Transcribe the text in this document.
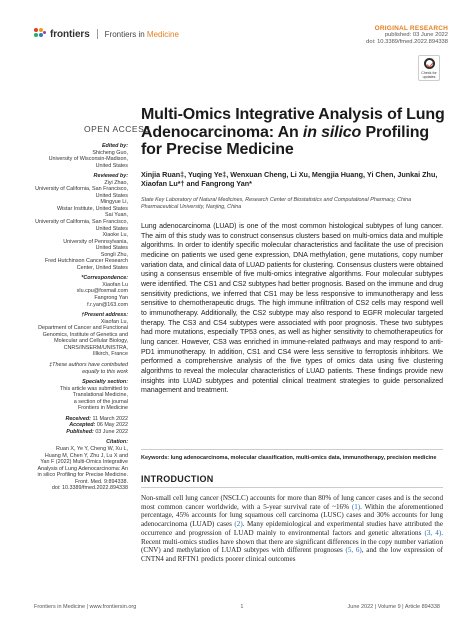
frontiers Frontiers in Medicine
ORIGINAL RESEARCH
published: 03 June 2022
doi: 10.3389/fmed.2022.894338
Check for updates
OPEN ACCESS
Edited by:
Shicheng Guo,
University of Wisconsin-Madison,
United States
Reviewed by:
Ziyi Zhao,
University of California, San Francisco,
United States
Mingyue Li,
Wistar Institute, United States
Sai Yuan,
University of California, San Francisco,
United States
Xiaoke Lu,
University of Pennsylvania,
United States
Songli Zhu,
Fred Hutchinson Cancer Research
Center, United States
*Correspondence:
Xiaofan Lu
xlu.cpu@foxmail.com
Fangrong Yan
f.r.yan@163.com
†Present address:
Xiaofan Lu,
Department of Cancer and Functional
Genomics, Institute of Genetics and
Molecular and Cellular Biology,
CNRS/INSERM/UNISTRA,
Illkirch, France
‡These authors have contributed
equally to this work
Specialty section:
This article was submitted to
Translational Medicine,
a section of the journal
Frontiers in Medicine
Received: 11 March 2022
Accepted: 06 May 2022
Published: 03 June 2022
Citation:
Ruan X, Ye Y, Cheng W, Xu L,
Huang M, Chen Y, Zhu J, Lu X and
Yan F (2022) Multi-Omics Integrative
Analysis of Lung Adenocarcinoma: An
in silico Profiling for Precise Medicine.
Front. Med. 9:894338.
doi: 10.3389/fmed.2022.894338
Multi-Omics Integrative Analysis of Lung Adenocarcinoma: An in silico Profiling for Precise Medicine
Xinjia Ruan‡, Yuqing Ye‡, Wenxuan Cheng, Li Xu, Mengjia Huang, Yi Chen, Junkai Zhu,
Xiaofan Lu*† and Fangrong Yan*
State Key Laboratory of Natural Medicines, Research Center of Biostatistics and Computational Pharmacy, China Pharmaceutical University, Nanjing, China
Lung adenocarcinoma (LUAD) is one of the most common histological subtypes of lung cancer. The aim of this study was to construct consensus clusters based on multi-omics data and multiple algorithms. In order to identify specific molecular characteristics and facilitate the use of precision medicine on patients we used gene expression, DNA methylation, gene mutations, copy number variation data, and clinical data of LUAD patients for clustering. Consensus clusters were obtained using a consensus ensemble of five multi-omics integrative algorithms. Four molecular subtypes were identified. The CS1 and CS2 subtypes had better prognosis. Based on the immune and drug sensitivity predictions, we inferred that CS1 may be less responsive to immunotherapy and less sensitive to chemotherapeutic drugs. The high immune infiltration of CS2 cells may respond well to immunotherapy. Additionally, the CS2 subtype may also respond to EGFR molecular targeted therapy. The CS3 and CS4 subtypes were associated with poor prognosis. These two subtypes had more mutations, especially TP53 ones, as well as higher sensitivity to chemotherapeutics for lung cancer. However, CS3 was enriched in immune-related pathways and may respond to anti-PD1 immunotherapy. In addition, CS1 and CS4 were less sensitive to ferroptosis inhibitors. We performed a comprehensive analysis of the five types of omics data using five clustering algorithms to reveal the molecular characteristics of LUAD patients. These findings provide new insights into LUAD subtypes and potential clinical treatment strategies to guide personalized management and treatment.
Keywords: lung adenocarcinoma, molecular classification, multi-omics data, immunotherapy, precision medicine
INTRODUCTION
Non-small cell lung cancer (NSCLC) accounts for more than 80% of lung cancer cases and is the second most common cancer worldwide, with a 5-year survival rate of ~16% (1). Within the aforementioned percentage, 45% accounts for lung squamous cell carcinoma (LUSC) cases and 30% accounts for lung adenocarcinoma (LUAD) cases (2). Many epidemiological and experimental studies have attributed the occurrence and progression of LUAD mainly to environmental factors and genetic alterations (3, 4). Recent multi-omics studies have shown that there are significant differences in the copy number variation (CNV) and methylation of LUAD subtypes with different prognoses (5, 6), and the low expression of CNTN4 and RFTN1 predicts poorer clinical outcomes
Frontiers in Medicine | www.frontiersin.org	1	June 2022 | Volume 9 | Article 894338
